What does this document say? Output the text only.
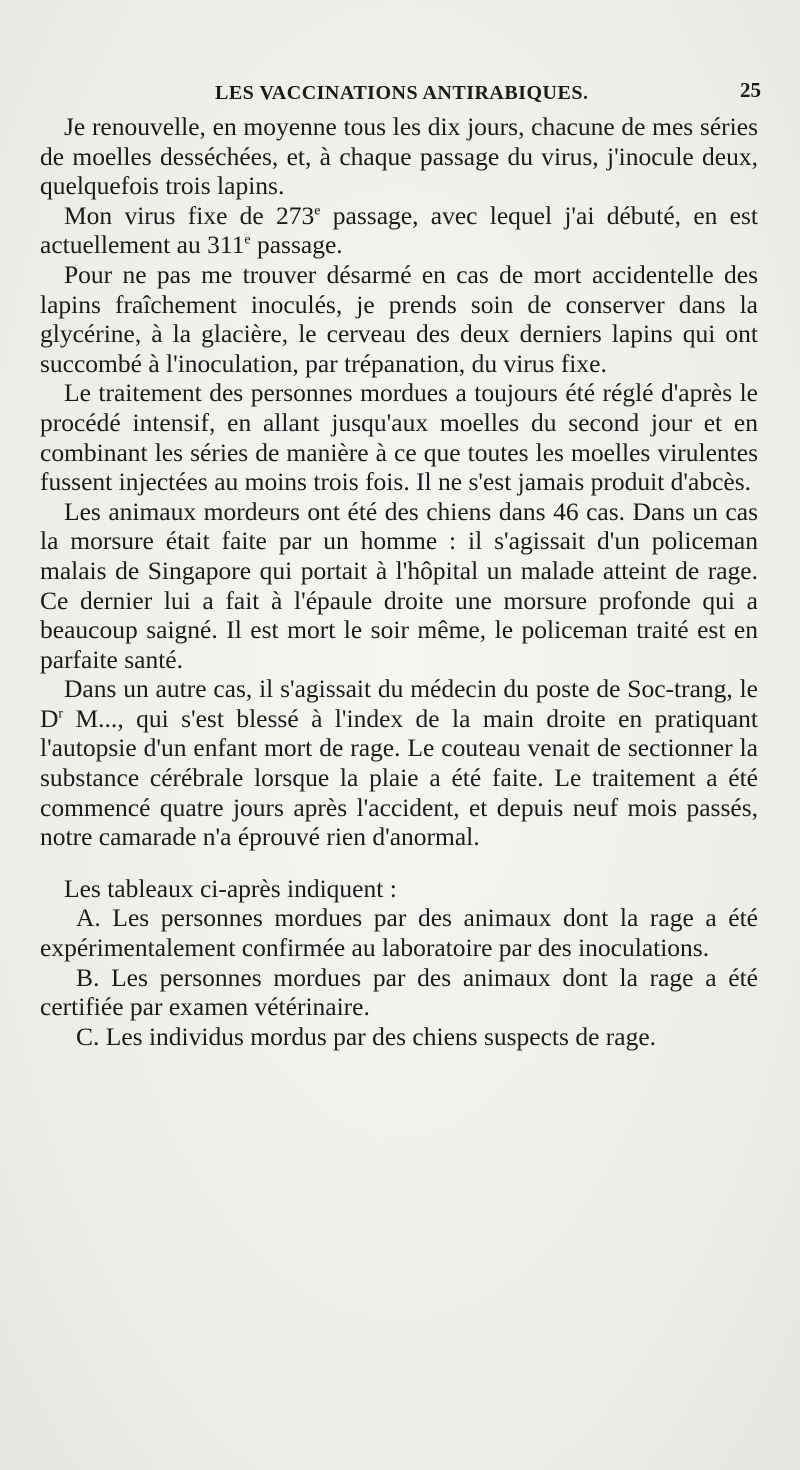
LES VACCINATIONS ANTIRABIQUES.	25

Je renouvelle, en moyenne tous les dix jours, chacune de mes séries de moelles desséchées, et, à chaque passage du virus, j'inocule deux, quelquefois trois lapins.

Mon virus fixe de 273e passage, avec lequel j'ai débuté, en est actuellement au 311e passage.

Pour ne pas me trouver désarmé en cas de mort accidentelle des lapins fraîchement inoculés, je prends soin de conserver dans la glycérine, à la glacière, le cerveau des deux derniers lapins qui ont succombé à l'inoculation, par trépanation, du virus fixe.

Le traitement des personnes mordues a toujours été réglé d'après le procédé intensif, en allant jusqu'aux moelles du second jour et en combinant les séries de manière à ce que toutes les moelles virulentes fussent injectées au moins trois fois. Il ne s'est jamais produit d'abcès.

Les animaux mordeurs ont été des chiens dans 46 cas. Dans un cas la morsure était faite par un homme : il s'agissait d'un policeman malais de Singapore qui portait à l'hôpital un malade atteint de rage. Ce dernier lui a fait à l'épaule droite une morsure profonde qui a beaucoup saigné. Il est mort le soir même, le policeman traité est en parfaite santé.

Dans un autre cas, il s'agissait du médecin du poste de Soc-trang, le $D^r$ M..., qui s'est blessé à l'index de la main droite en pratiquant l'autopsie d'un enfant mort de rage. Le couteau venait de sectionner la substance cérébrale lorsque la plaie a été faite. Le traitement a été commencé quatre jours après l'accident, et depuis neuf mois passés, notre camarade n'a éprouvé rien d'anormal.

Les tableaux ci-après indiquent :

A. Les personnes mordues par des animaux dont la rage a été expérimentalement confirmée au laboratoire par des inoculations.

B. Les personnes mordues par des animaux dont la rage a été certifiée par examen vétérinaire.

C. Les individus mordus par des chiens suspects de rage.
